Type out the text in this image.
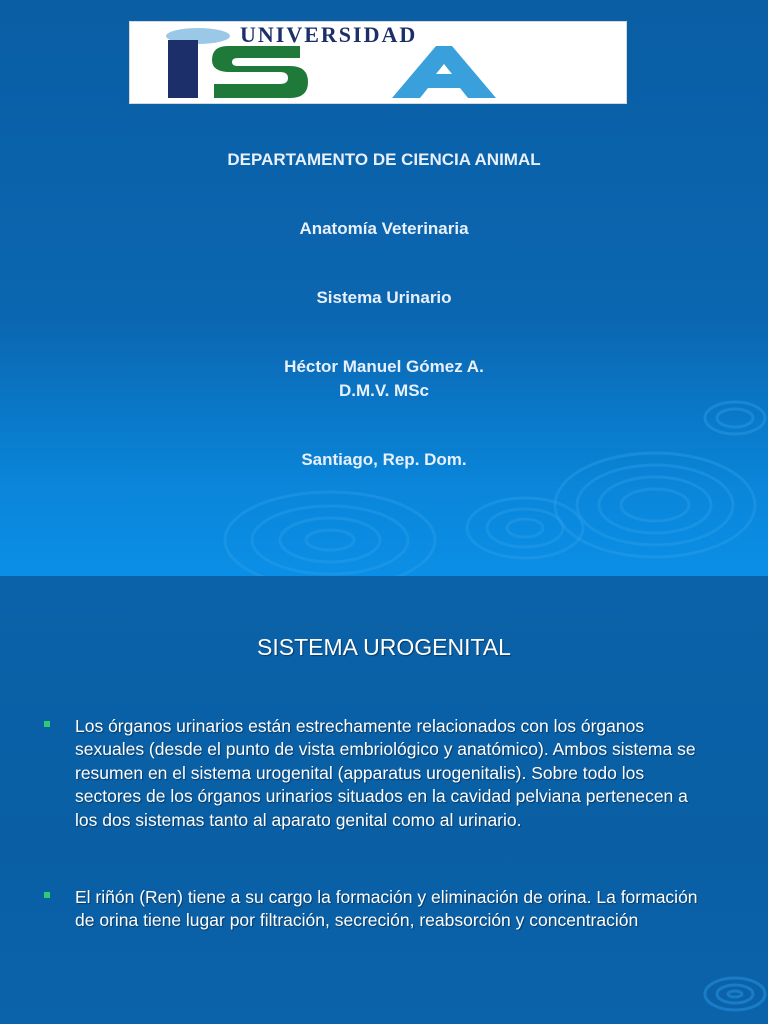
UNIVERSIDAD
DEPARTAMENTO DE CIENCIA ANIMAL
Anatomía Veterinaria
Sistema Urinario
Héctor Manuel Gómez A.
D.M.V. MSc
Santiago, Rep. Dom.
SISTEMA UROGENITAL
Los órganos urinarios están estrechamente relacionados con los órganos sexuales (desde el punto de vista embriológico y anatómico). Ambos sistema se resumen en el sistema urogenital (apparatus urogenitalis). Sobre todo los sectores de los órganos urinarios situados en la cavidad pelviana pertenecen a los dos sistemas tanto al aparato genital como al urinario.
El riñón (Ren) tiene a su cargo la formación y eliminación de orina. La formación de orina tiene lugar por filtración, secreción, reabsorción y concentración
